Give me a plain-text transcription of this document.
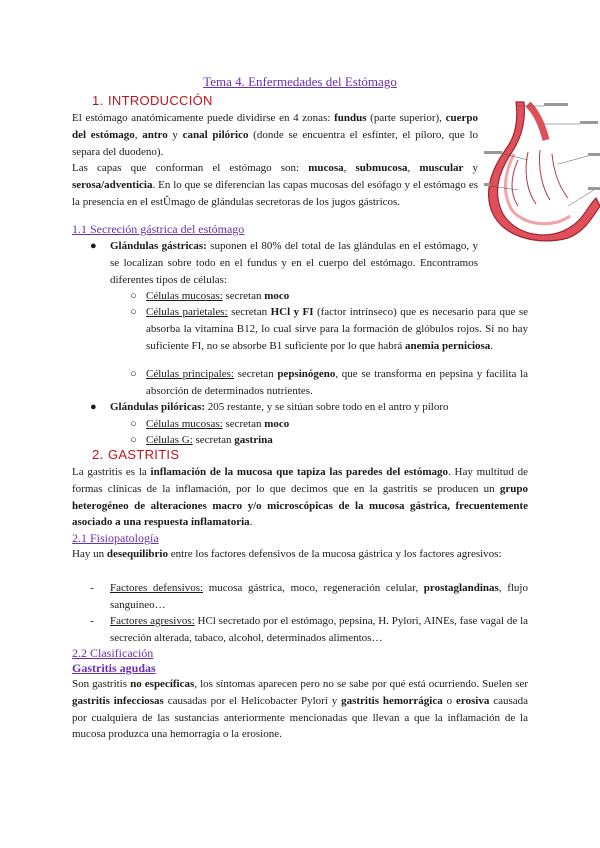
Tema 4. Enfermedades del Estómago
1. INTRODUCCIÓN
El estómago anatómicamente puede dividirse en 4 zonas: fundus (parte superior), cuerpo del estómago, antro y canal pilórico (donde se encuentra el esfínter, el píloro, que lo separa del duodeno).
Las capas que conforman el estómago son: mucosa, submucosa, muscular y serosa/adventicia. En lo que se diferencian las capas mucosas del esófago y el estómago es la presencia en el estÛmago de glándulas secretoras de los jugos gástricos.
1.1 Secreción gástrica del estómago
● Glándulas gástricas: suponen el 80% del total de las glándulas en el estómago, y se localizan sobre todo en el fundus y en el cuerpo del estómago. Encontramos diferentes tipos de células:
○ Células mucosas: secretan moco
○ Células parietales: secretan HCl y FI (factor intrínseco) que es necesario para que se absorba la vitamina B12, lo cual sirve para la formación de glóbulos rojos. Si no hay suficiente FI, no se absorbe B1 suficiente por lo que habrá anemia perniciosa.
○ Células principales: secretan pepsinógeno, que se transforma en pepsina y facilita la absorción de determinados nutrientes.
● Glándulas pilóricas: 205 restante, y se sitúan sobre todo en el antro y píloro
○ Células mucosas: secretan moco
○ Células G: secretan gastrina
2. GASTRITIS
La gastritis es la inflamación de la mucosa que tapiza las paredes del estómago. Hay multitud de formas clínicas de la inflamación, por lo que decimos que en la gastritis se producen un grupo heterogéneo de alteraciones macro y/o microscópicas de la mucosa gástrica, frecuentemente asociado a una respuesta inflamatoria.
2.1 Fisiopatología
Hay un desequilibrio entre los factores defensivos de la mucosa gástrica y los factores agresivos:
- Factores defensivos: mucosa gástrica, moco, regeneración celular, prostaglandinas, flujo sanguíneo…
- Factores agresivos: HCl secretado por el estómago, pepsina, H. Pylori, AINEs, fase vagal de la secreción alterada, tabaco, alcohol, determinados alimentos…
2.2 Clasificación
Gastritis agudas
Son gastritis no específicas, los síntomas aparecen pero no se sabe por qué está ocurriendo. Suelen ser gastritis infecciosas causadas por el Helicobacter Pylori y gastritis hemorrágica o erosiva causada por cualquiera de las sustancias anteriormente mencionadas que llevan a que la inflamación de la mucosa produzca una hemorragia o la erosione.
